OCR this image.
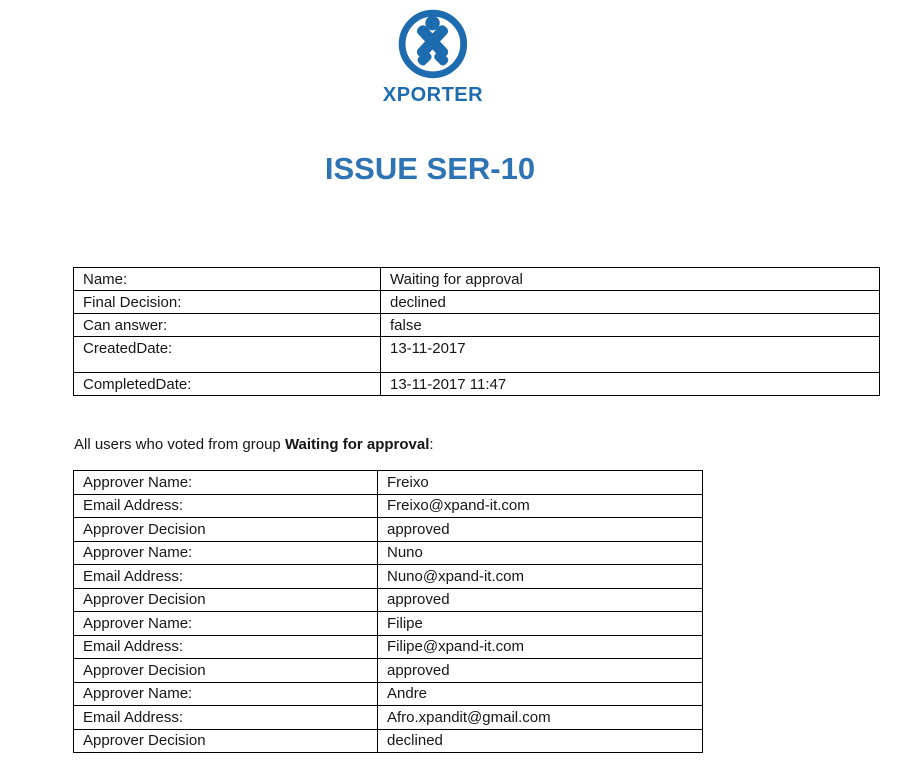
XPORTER
ISSUE SER-10
Name:	Waiting for approval
Final Decision:	declined
Can answer:	false
CreatedDate:	13-11-2017
CompletedDate:	13-11-2017 11:47
All users who voted from group Waiting for approval:
Approver Name:	Freixo
Email Address:	Freixo@xpand-it.com
Approver Decision	approved
Approver Name:	Nuno
Email Address:	Nuno@xpand-it.com
Approver Decision	approved
Approver Name:	Filipe
Email Address:	Filipe@xpand-it.com
Approver Decision	approved
Approver Name:	Andre
Email Address:	Afro.xpandit@gmail.com
Approver Decision	declined
